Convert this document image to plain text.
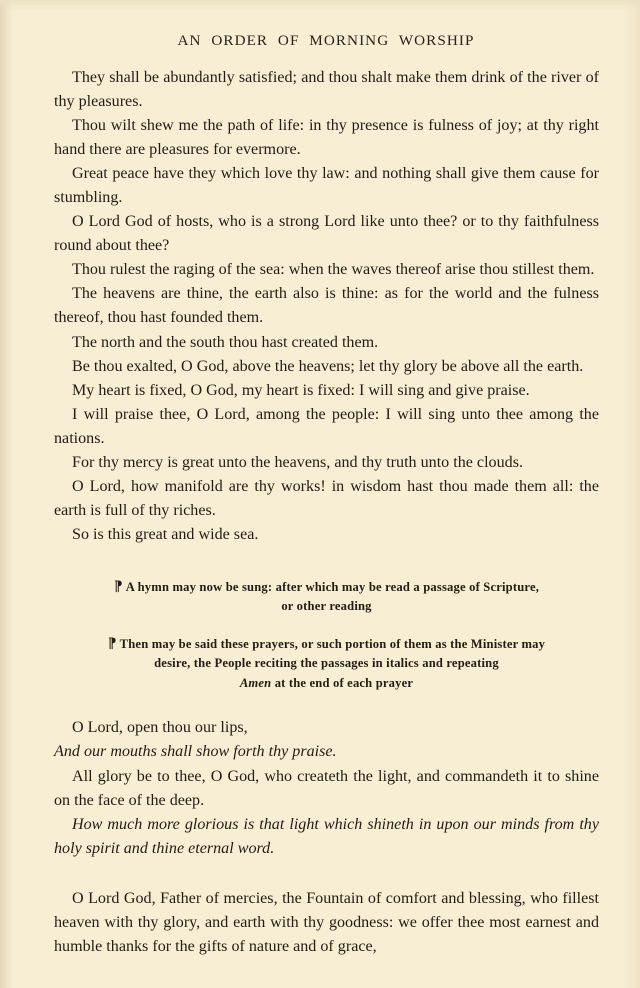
AN ORDER OF MORNING WORSHIP

They shall be abundantly satisfied; and thou shalt make them drink of the river of thy pleasures.

Thou wilt shew me the path of life: in thy presence is fulness of joy; at thy right hand there are pleasures for evermore.

Great peace have they which love thy law: and nothing shall give them cause for stumbling.

O Lord God of hosts, who is a strong Lord like unto thee? or to thy faithfulness round about thee?

Thou rulest the raging of the sea: when the waves thereof arise thou stillest them.

The heavens are thine, the earth also is thine: as for the world and the fulness thereof, thou hast founded them.

The north and the south thou hast created them.

Be thou exalted, O God, above the heavens; let thy glory be above all the earth.

My heart is fixed, O God, my heart is fixed: I will sing and give praise.

I will praise thee, O Lord, among the people: I will sing unto thee among the nations.

For thy mercy is great unto the heavens, and thy truth unto the clouds.

O Lord, how manifold are thy works! in wisdom hast thou made them all: the earth is full of thy riches.

So is this great and wide sea.

⁋ A hymn may now be sung: after which may be read a passage of Scripture,
or other reading
⁋ Then may be said these prayers, or such portion of them as the Minister may
desire, the People reciting the passages in italics and repeating
Amen at the end of each prayer

O Lord, open thou our lips,

And our mouths shall show forth thy praise.

All glory be to thee, O God, who createth the light, and commandeth it to shine on the face of the deep.

How much more glorious is that light which shineth in upon our minds from thy holy spirit and thine eternal word.

O Lord God, Father of mercies, the Fountain of comfort and blessing, who fillest heaven with thy glory, and earth with thy goodness: we offer thee most earnest and humble thanks for the gifts of nature and of grace,
